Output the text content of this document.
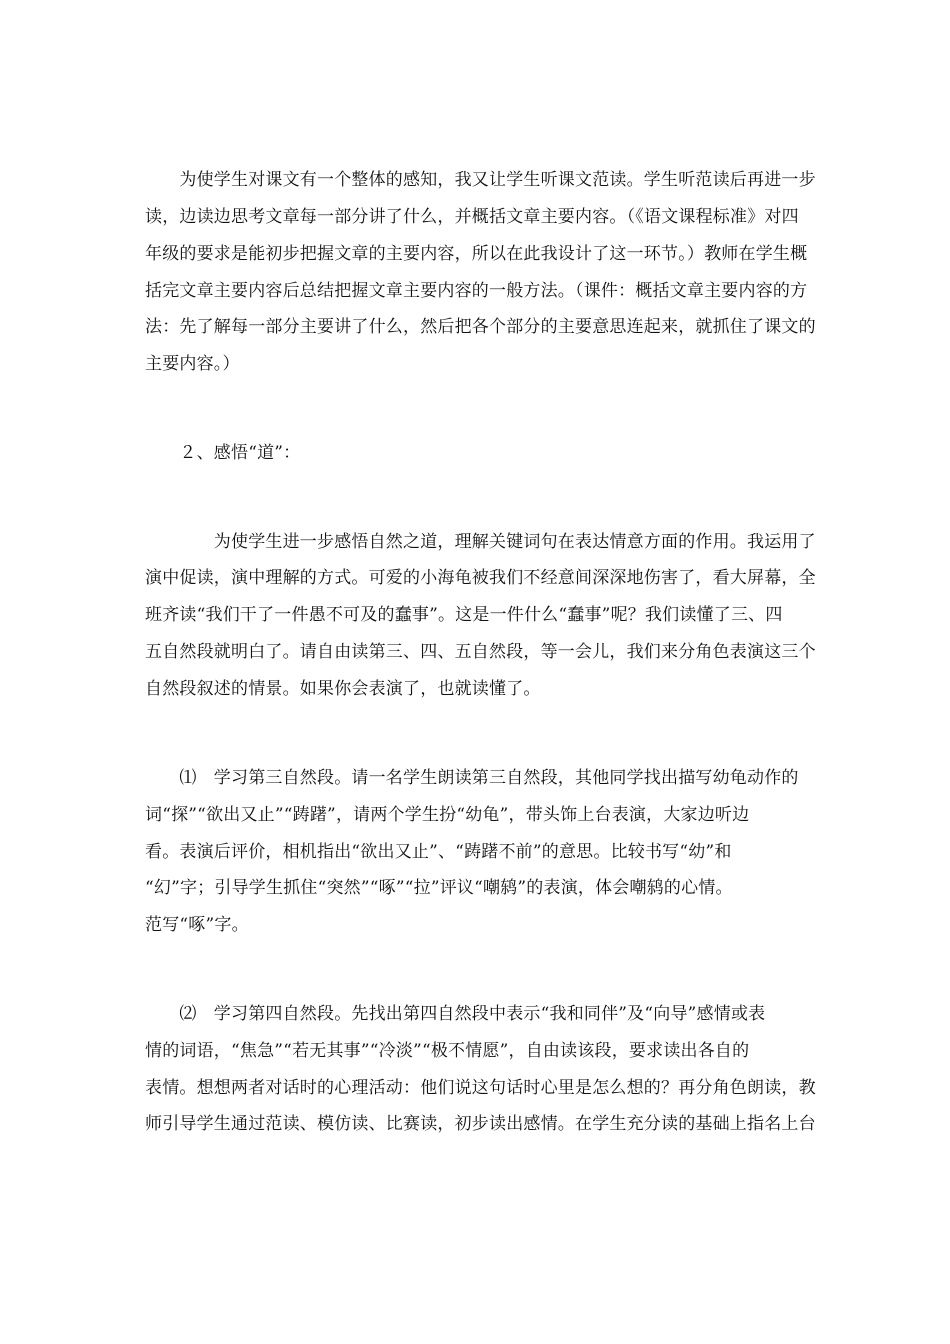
　　为使学生对课文有一个整体的感知，我又让学生听课文范读。学生听范读后再进一步
读，边读边思考文章每一部分讲了什么，并概括文章主要内容。（《语文课程标准》对四
年级的要求是能初步把握文章的主要内容，所以在此我设计了这一环节。）教师在学生概
括完文章主要内容后总结把握文章主要内容的一般方法。（课件：概括文章主要内容的方
法：先了解每一部分主要讲了什么，然后把各个部分的主要意思连起来，就抓住了课文的
主要内容。）
　　２、感悟“道”：
　　　　为使学生进一步感悟自然之道，理解关键词句在表达情意方面的作用。我运用了
演中促读，演中理解的方式。可爱的小海龟被我们不经意间深深地伤害了，看大屏幕，全
班齐读“我们干了一件愚不可及的蠢事”。这是一件什么“蠢事”呢？我们读懂了三、四
五自然段就明白了。请自由读第三、四、五自然段，等一会儿，我们来分角色表演这三个
自然段叙述的情景。如果你会表演了，也就读懂了。
　　⑴　学习第三自然段。请一名学生朗读第三自然段，其他同学找出描写幼龟动作的
词“探”“欲出又止”“踌躇”，请两个学生扮“幼龟”，带头饰上台表演，大家边听边
看。表演后评价，相机指出“欲出又止”、“踌躇不前”的意思。比较书写“幼”和
“幻”字；引导学生抓住“突然”“啄”“拉”评议“嘲鸫”的表演，体会嘲鸫的心情。
范写“啄”字。
　　⑵　学习第四自然段。先找出第四自然段中表示“我和同伴”及“向导”感情或表
情的词语，“焦急”“若无其事”“冷淡”“极不情愿”，自由读该段，要求读出各自的
表情。想想两者对话时的心理活动：他们说这句话时心里是怎么想的？再分角色朗读，教
师引导学生通过范读、模仿读、比赛读，初步读出感情。在学生充分读的基础上指名上台
